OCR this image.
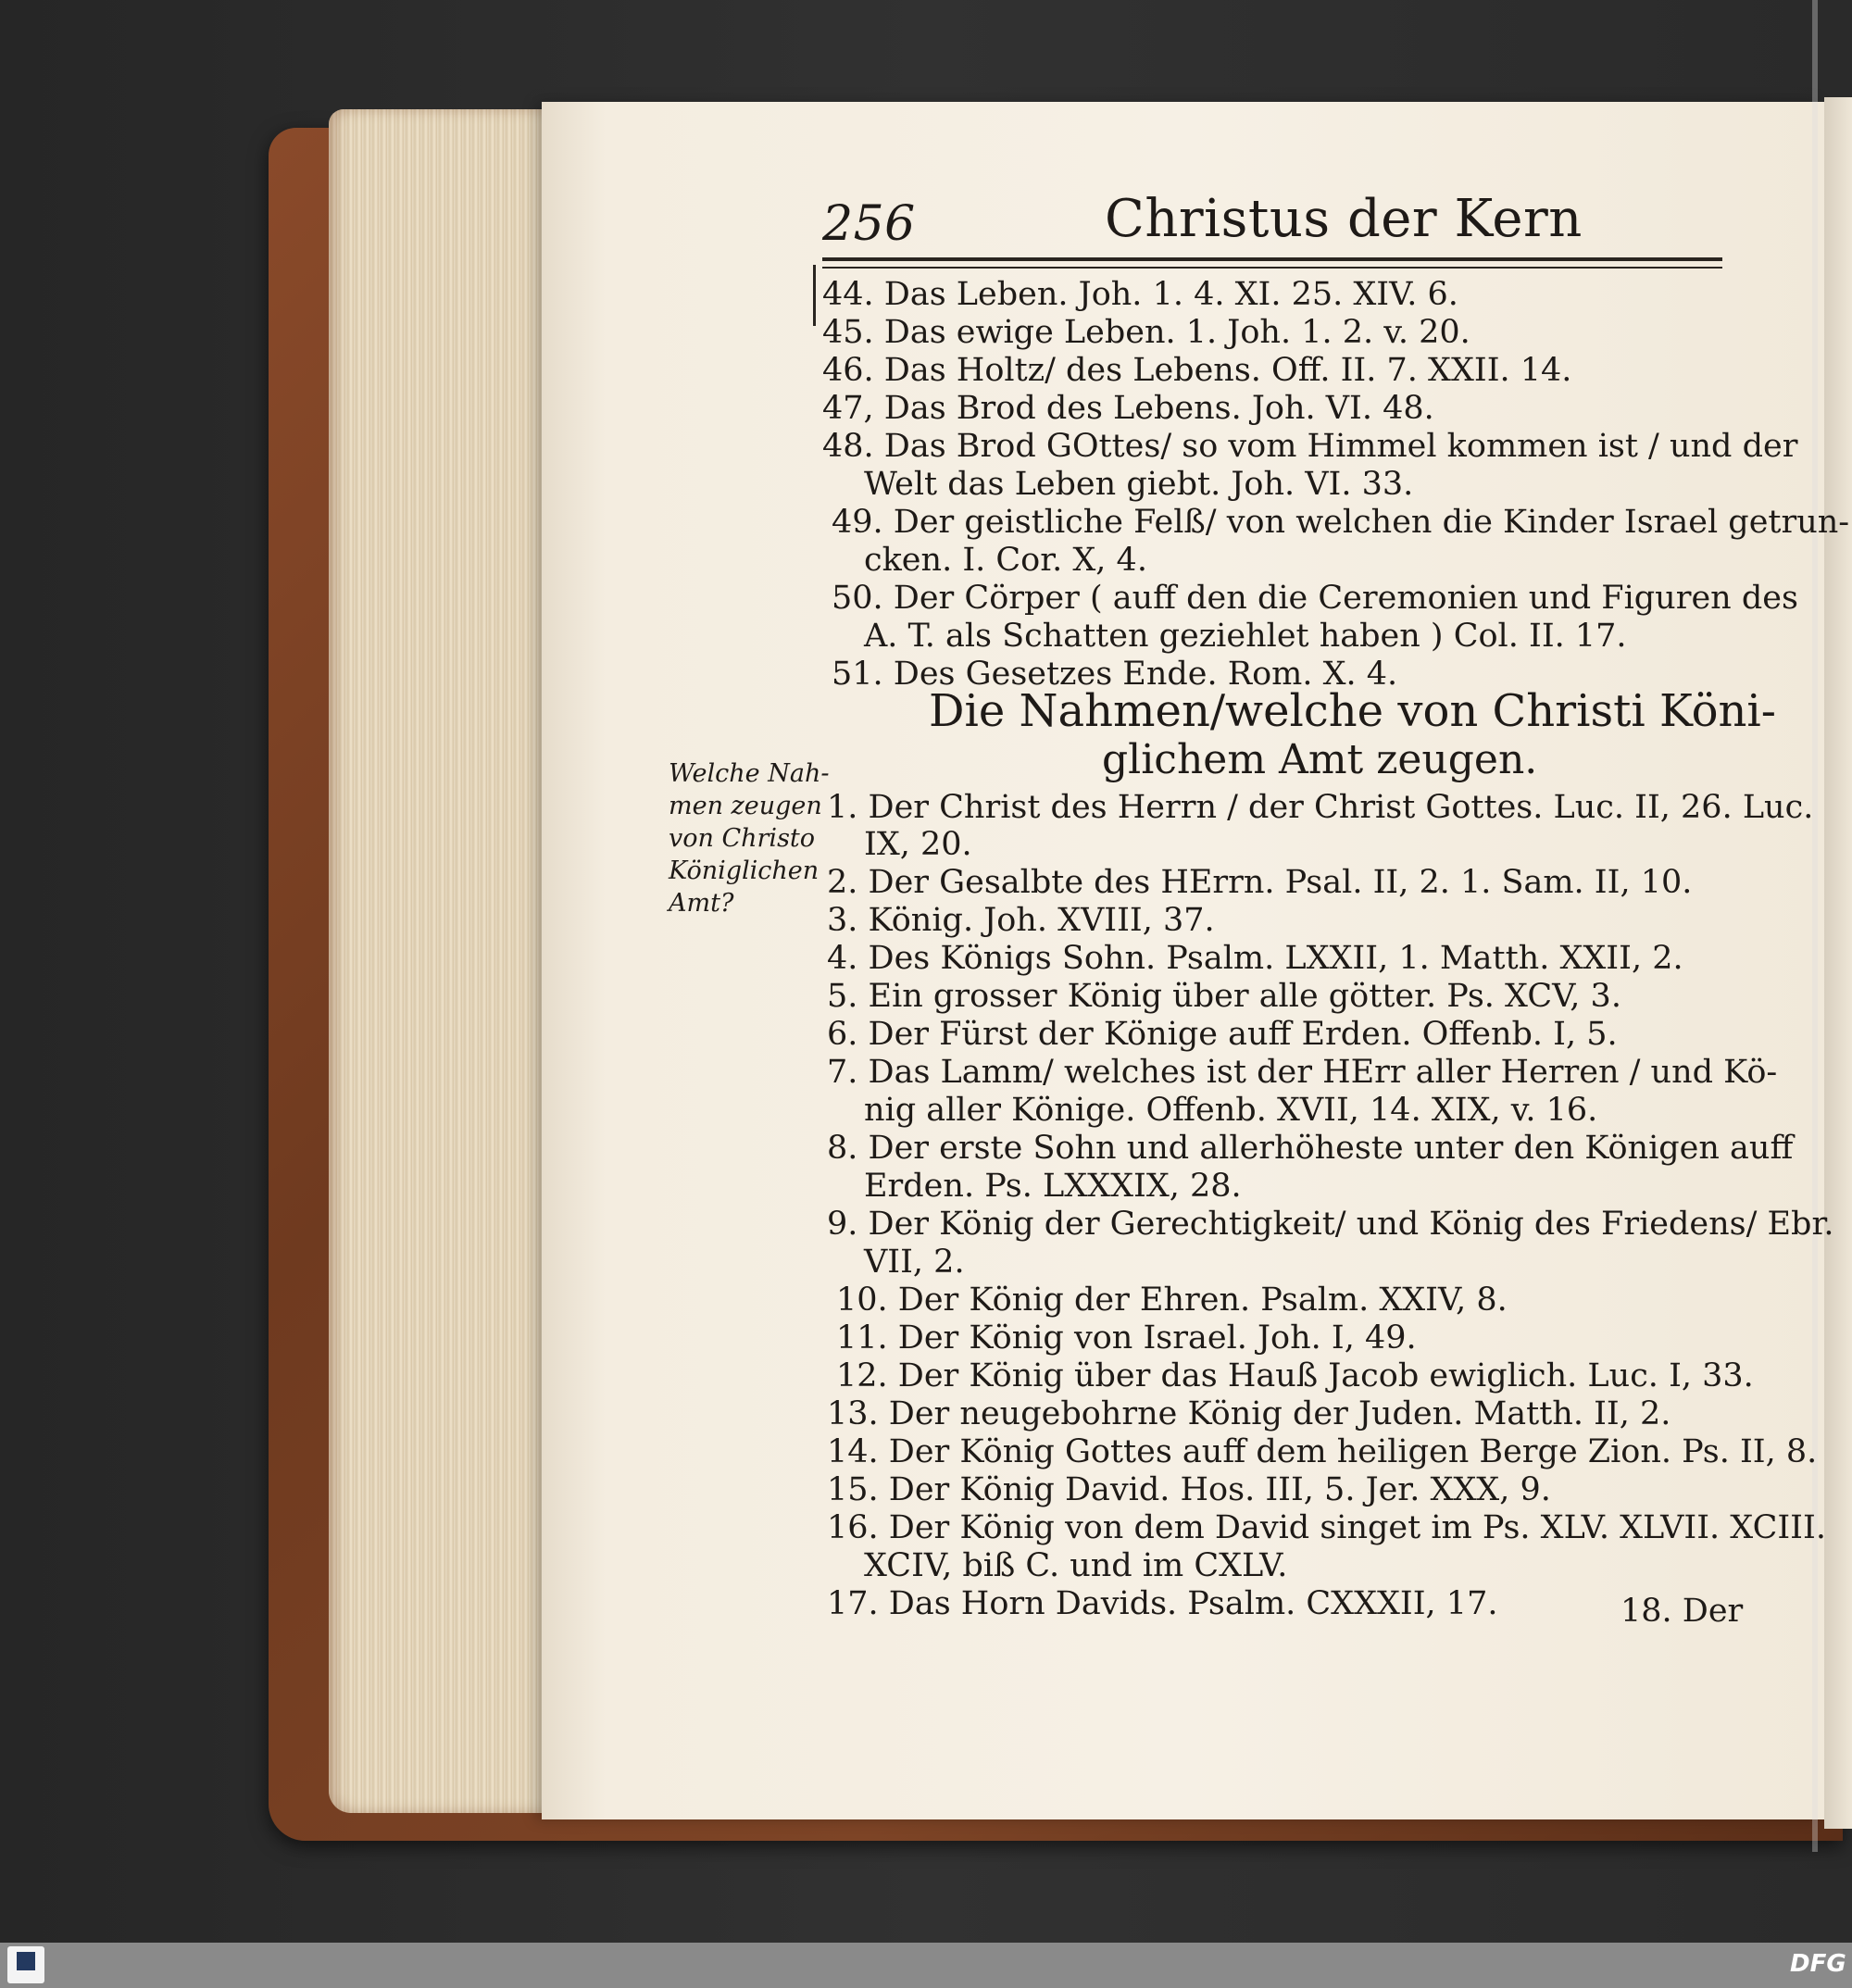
256	Christus der Kern
44. Das Leben. Joh. 1. 4. XI. 25. XIV. 6.
45. Das ewige Leben. 1. Joh. 1. 2. v. 20.
46. Das Holtz/ des Lebens. Off. II. 7. XXII. 14.
47, Das Brod des Lebens. Joh. VI. 48.
48. Das Brod GOttes/ so vom Himmel kommen ist / und der
Welt das Leben giebt. Joh. VI. 33.
49. Der geistliche Felß/ von welchen die Kinder Israel getrun-
cken. I. Cor. X, 4.
50. Der Cörper ( auff den die Ceremonien und Figuren des
A. T. als Schatten geziehlet haben ) Col. II. 17.
51. Des Gesetzes Ende. Rom. X. 4.
Die Nahmen/welche von Christi Köni-
glichem Amt zeugen.
Welche Nah-
men zeugen
von Christo
Königlichen
Amt?
1. Der Christ des Herrn / der Christ Gottes. Luc. II, 26. Luc.
IX, 20.
2. Der Gesalbte des HErrn. Psal. II, 2. 1. Sam. II, 10.
3. König. Joh. XVIII, 37.
4. Des Königs Sohn. Psalm. LXXII, 1. Matth. XXII, 2.
5. Ein grosser König über alle götter. Ps. XCV, 3.
6. Der Fürst der Könige auff Erden. Offenb. I, 5.
7. Das Lamm/ welches ist der HErr aller Herren / und Kö-
nig aller Könige. Offenb. XVII, 14. XIX, v. 16.
8. Der erste Sohn und allerhöheste unter den Königen auff
Erden. Ps. LXXXIX, 28.
9. Der König der Gerechtigkeit/ und König des Friedens/ Ebr.
VII, 2.
10. Der König der Ehren. Psalm. XXIV, 8.
11. Der König von Israel. Joh. I, 49.
12. Der König über das Hauß Jacob ewiglich. Luc. I, 33.
13. Der neugebohrne König der Juden. Matth. II, 2.
14. Der König Gottes auff dem heiligen Berge Zion. Ps. II, 8.
15. Der König David. Hos. III, 5. Jer. XXX, 9.
16. Der König von dem David singet im Ps. XLV. XLVII. XCIII.
XCIV, biß C. und im CXLV.
17. Das Horn Davids. Psalm. CXXXII, 17.	18. Der
DFG
